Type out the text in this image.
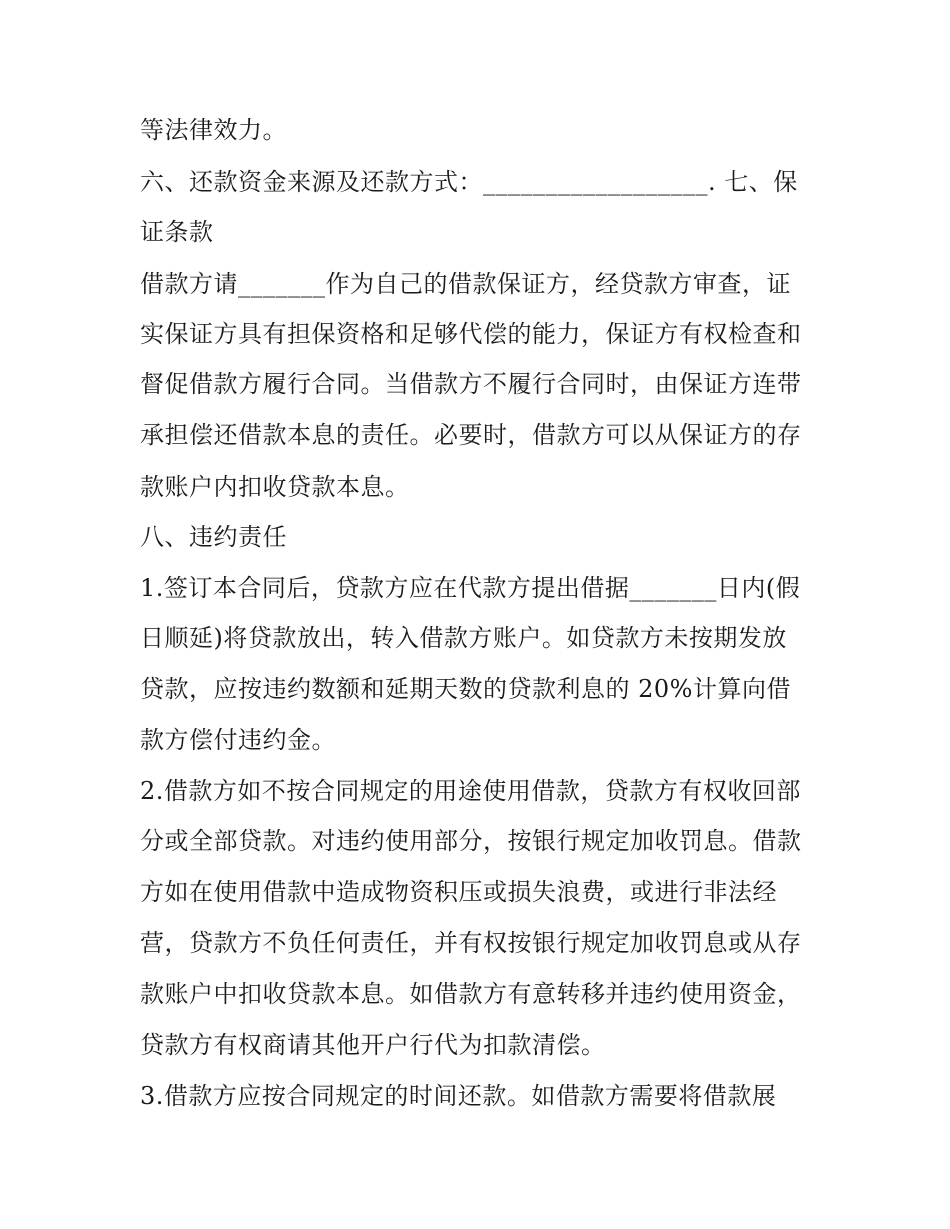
等法律效力。
六、还款资金来源及还款方式：__________________. 七、保
证条款
借款方请_______作为自己的借款保证方，经贷款方审查，证
实保证方具有担保资格和足够代偿的能力，保证方有权检查和
督促借款方履行合同。当借款方不履行合同时，由保证方连带
承担偿还借款本息的责任。必要时，借款方可以从保证方的存
款账户内扣收贷款本息。
八、违约责任
1.签订本合同后，贷款方应在代款方提出借据_______日内(假
日顺延)将贷款放出，转入借款方账户。如贷款方未按期发放
贷款，应按违约数额和延期天数的贷款利息的 20%计算向借
款方偿付违约金。
2.借款方如不按合同规定的用途使用借款，贷款方有权收回部
分或全部贷款。对违约使用部分，按银行规定加收罚息。借款
方如在使用借款中造成物资积压或损失浪费，或进行非法经
营，贷款方不负任何责任，并有权按银行规定加收罚息或从存
款账户中扣收贷款本息。如借款方有意转移并违约使用资金，
贷款方有权商请其他开户行代为扣款清偿。
3.借款方应按合同规定的时间还款。如借款方需要将借款展
